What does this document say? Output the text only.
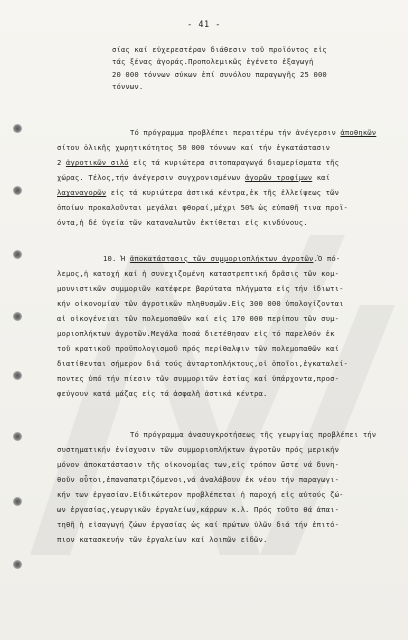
- 41 -
σίας καί εὐχερεστέραν διάθεσιν τοῦ προϊόντος εἰς
τάς ξένας ἀγοράς.Προπολεμικῶς ἐγένετο ἐξαγωγή
20 000 τόννων σύκων ἐπί συνόλου παραγωγῆς 25 000
τόννων.
Τό πρόγραμμα προβλέπει περαιτέρω τήν ἀνέγερσιν ἀποθηκῶν
σίτου ὁλικῆς χωρητικότητος 50 000 τόννων καί τήν ἐγκατάστασιν
2 ἀγροτικῶν σιλό εἰς τά κυριώτερα σιτοπαραγωγά διαμερίσματα τῆς
χώρας. Τέλος,τήν ἀνέγερσιν συγχρονισμένων ἀγορῶν τροφίμων καί
λαχαναγορῶν εἰς τά κυριώτερα ἀστικά κέντρα,ἐκ τῆς ἐλλείψεως τῶν
ὁποίων προκαλοῦνται μεγάλαι φθοραί,μέχρι 50% ὡς εὐπαθῆ τινα προϊ-
όντα,ἡ δέ ὑγεία τῶν καταναλωτῶν ἐκτίθεται εἰς κινδύνους.
10. Ἡ ἀποκατάστασις τῶν συμμοριοπλήκτων ἀγροτῶν.Ὁ πό-
λεμος,ἡ κατοχή καί ἡ συνεχιζομένη καταστρεπτική δρᾶσις τῶν κομ-
μουνιστικῶν συμμοριῶν κατέφερε βαρύτατα πλήγματα εἰς τήν ἰδιωτι-
κήν οἰκονομίαν τῶν ἀγροτικῶν πληθυσμῶν.Εἰς 300 000 ὑπολογίζονται
αἱ οἰκογένειαι τῶν πολεμοπαθῶν καί εἰς 170 000 περίπου τῶν συμ-
μοριοπλήκτων ἀγροτῶν.Μεγάλα ποσά διετέθησαν εἰς τό παρελθόν ἐκ
τοῦ κρατικοῦ προϋπολογισμοῦ πρός περίθαλψιν τῶν πολεμοπαθῶν καί
διατίθενται σήμερον διά τούς ἀνταρτοπλήκτους,οἱ ὁποῖοι,ἐγκαταλεί-
ποντες ὑπό τήν πίεσιν τῶν συμμοριτῶν ἑστίας καί ὑπάρχοντα,προσ-
φεύγουν κατά μάζας εἰς τά ἀσφαλῆ ἀστικά κέντρα.
Τό πρόγραμμα ἀνασυγκροτήσεως τῆς γεωργίας προβλέπει τήν
συστηματικήν ἐνίσχυσιν τῶν συμμοριοπλήκτων ἀγροτῶν πρός μερικήν
μόνον ἀποκατάστασιν τῆς οἰκονομίας των,εἰς τρόπον ὥστε νά δυνη-
θοῦν οὗτοι,ἐπαναπατριζόμενοι,νά ἀναλάβουν ἐκ νέου τήν παραγωγι-
κήν των ἐργασίαν.Εἰδικώτερον προβλέπεται ἡ παροχή εἰς αὐτούς ζώ-
ων ἐργασίας,γεωργικῶν ἐργαλείων,κάρρων κ.λ. Πρός τοῦτο θά ἀπαι-
τηθῆ ἡ εἰσαγωγή ζώων ἐργασίας ὡς καί πρώτων ὑλῶν διά τήν ἐπιτό-
πιον κατασκευήν τῶν ἐργαλείων καί λοιπῶν εἰδῶν.
